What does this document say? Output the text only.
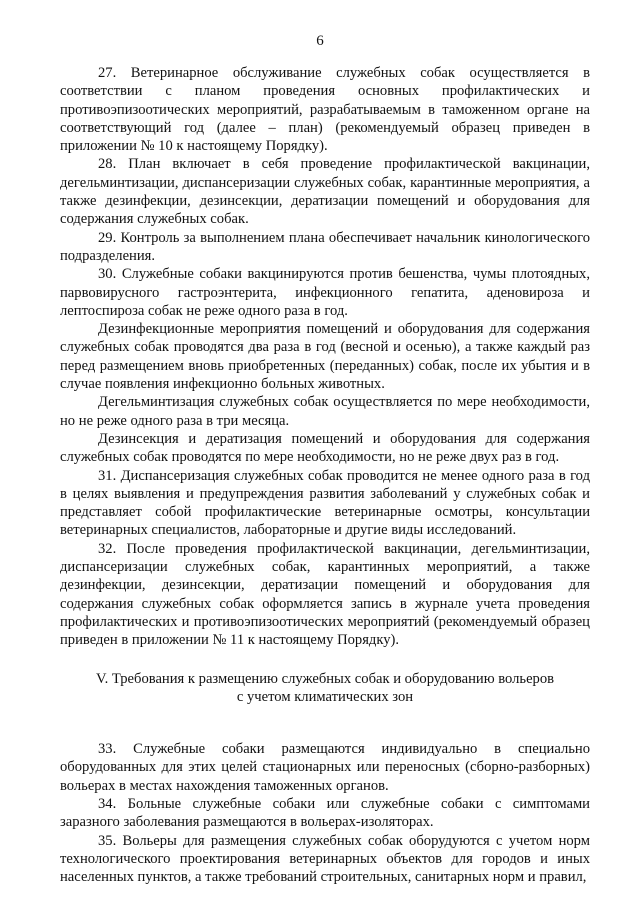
6

27. Ветеринарное обслуживание служебных собак осуществляется в соответствии с планом проведения основных профилактических и противоэпизоотических мероприятий, разрабатываемым в таможенном органе на соответствующий год (далее – план) (рекомендуемый образец приведен в приложении № 10 к настоящему Порядку).

28. План включает в себя проведение профилактической вакцинации, дегельминтизации, диспансеризации служебных собак, карантинные мероприятия, а также дезинфекции, дезинсекции, дератизации помещений и оборудования для содержания служебных собак.

29. Контроль за выполнением плана обеспечивает начальник кинологического подразделения.

30. Служебные собаки вакцинируются против бешенства, чумы плотоядных, парвовирусного гастроэнтерита, инфекционного гепатита, аденовироза и лептоспироза собак не реже одного раза в год.

Дезинфекционные мероприятия помещений и оборудования для содержания служебных собак проводятся два раза в год (весной и осенью), а также каждый раз перед размещением вновь приобретенных (переданных) собак, после их убытия и в случае появления инфекционно больных животных.

Дегельминтизация служебных собак осуществляется по мере необходимости, но не реже одного раза в три месяца.

Дезинсекция и дератизация помещений и оборудования для содержания служебных собак проводятся по мере необходимости, но не реже двух раз в год.

31. Диспансеризация служебных собак проводится не менее одного раза в год в целях выявления и предупреждения развития заболеваний у служебных собак и представляет собой профилактические ветеринарные осмотры, консультации ветеринарных специалистов, лабораторные и другие виды исследований.

32. После проведения профилактической вакцинации, дегельминтизации, диспансеризации служебных собак, карантинных мероприятий, а также дезинфекции, дезинсекции, дератизации помещений и оборудования для содержания служебных собак оформляется запись в журнале учета проведения профилактических и противоэпизоотических мероприятий (рекомендуемый образец приведен в приложении № 11 к настоящему Порядку).

V. Требования к размещению служебных собак и оборудованию вольеров
с учетом климатических зон

33. Служебные собаки размещаются индивидуально в специально оборудованных для этих целей стационарных или переносных (сборно-разборных) вольерах в местах нахождения таможенных органов.

34. Больные служебные собаки или служебные собаки с симптомами заразного заболевания размещаются в вольерах-изоляторах.

35. Вольеры для размещения служебных собак оборудуются с учетом норм технологического проектирования ветеринарных объектов для городов и иных населенных пунктов, а также требований строительных, санитарных норм и правил,
